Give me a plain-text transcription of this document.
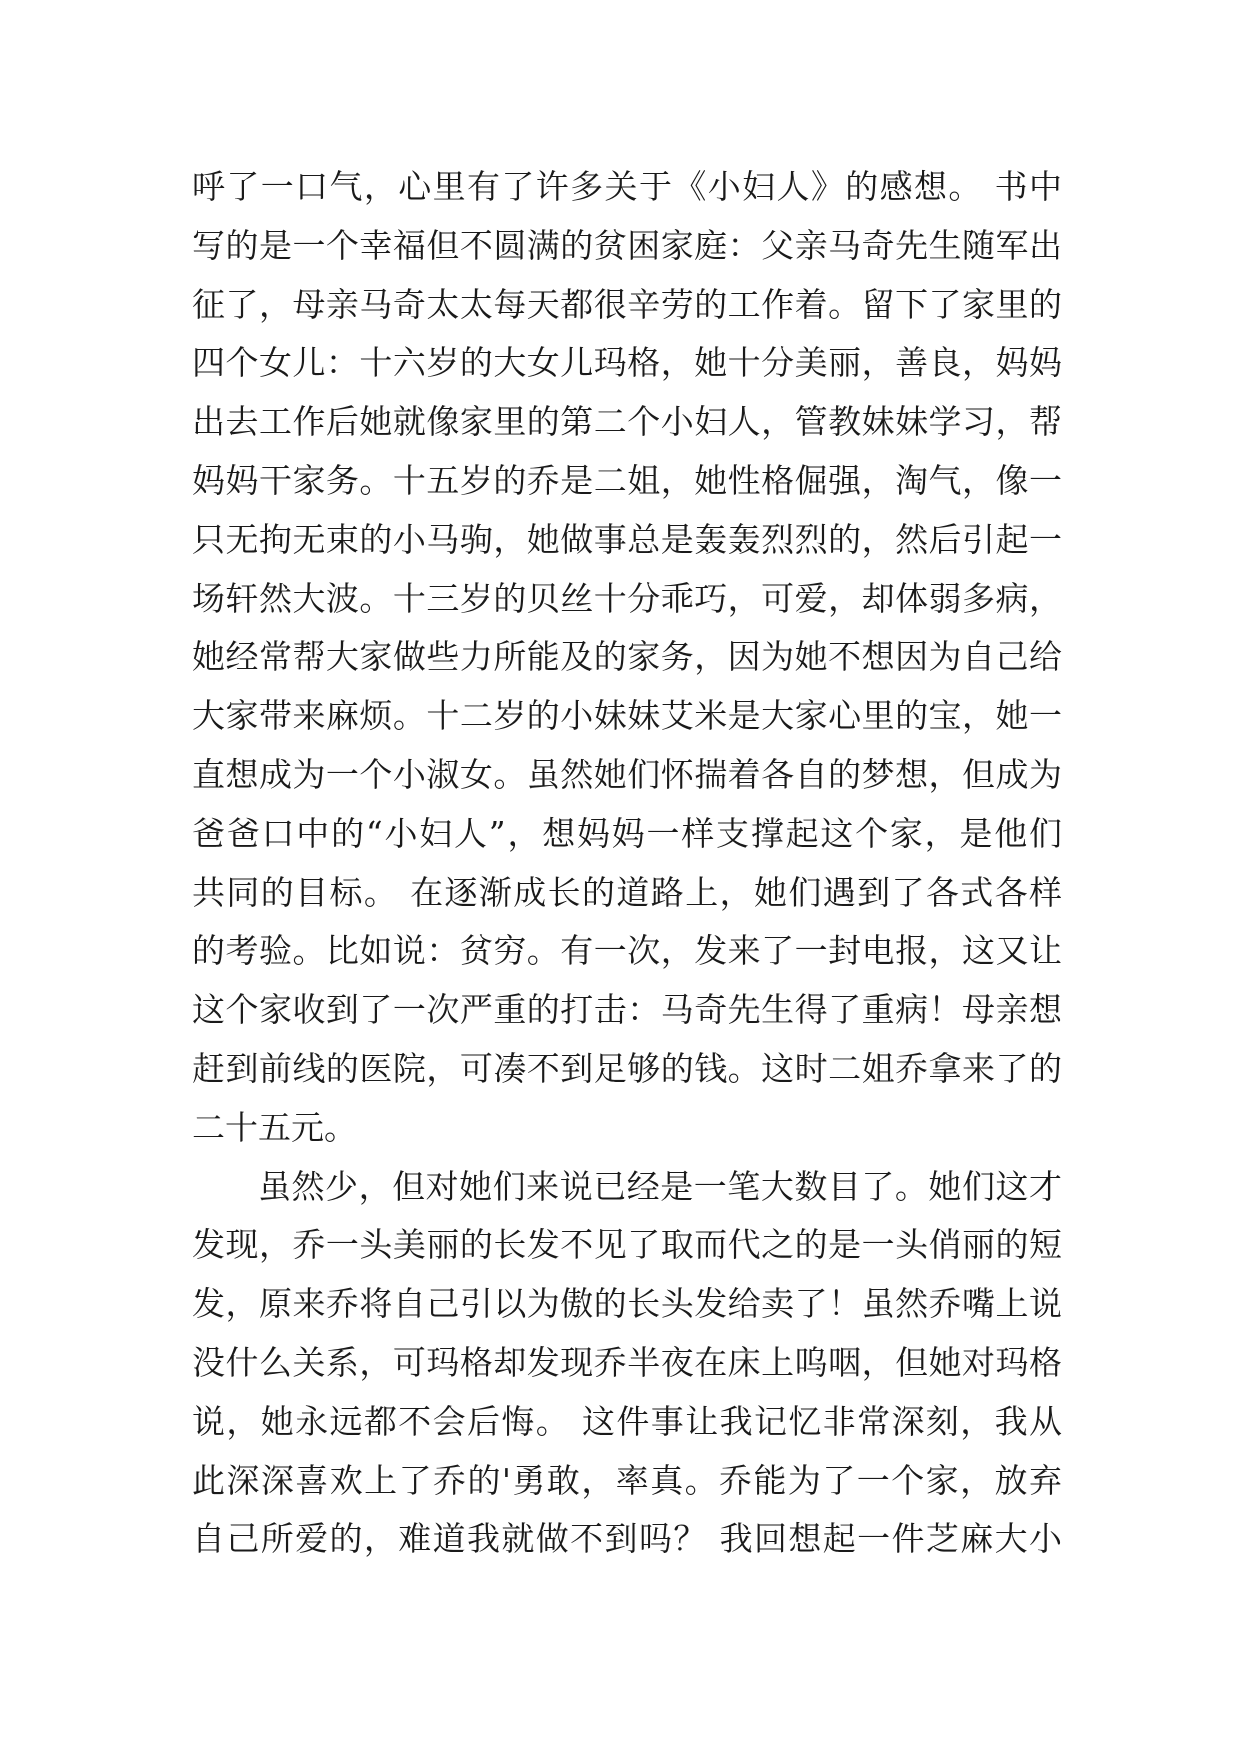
呼了一口气，心里有了许多关于《小妇人》的感想。 书中
写的是一个幸福但不圆满的贫困家庭：父亲马奇先生随军出
征了，母亲马奇太太每天都很辛劳的工作着。留下了家里的
四个女儿：十六岁的大女儿玛格，她十分美丽，善良，妈妈
出去工作后她就像家里的第二个小妇人，管教妹妹学习，帮
妈妈干家务。十五岁的乔是二姐，她性格倔强，淘气，像一
只无拘无束的小马驹，她做事总是轰轰烈烈的，然后引起一
场轩然大波。十三岁的贝丝十分乖巧，可爱，却体弱多病，
她经常帮大家做些力所能及的家务，因为她不想因为自己给
大家带来麻烦。十二岁的小妹妹艾米是大家心里的宝，她一
直想成为一个小淑女。虽然她们怀揣着各自的梦想，但成为
爸爸口中的“小妇人”，想妈妈一样支撑起这个家，是他们
共同的目标。 在逐渐成长的道路上，她们遇到了各式各样
的考验。比如说：贫穷。有一次，发来了一封电报，这又让
这个家收到了一次严重的打击：马奇先生得了重病！母亲想
赶到前线的医院，可凑不到足够的钱。这时二姐乔拿来了的
二十五元。
虽然少，但对她们来说已经是一笔大数目了。她们这才
发现，乔一头美丽的长发不见了取而代之的是一头俏丽的短
发，原来乔将自己引以为傲的长头发给卖了！虽然乔嘴上说
没什么关系，可玛格却发现乔半夜在床上呜咽，但她对玛格
说，她永远都不会后悔。 这件事让我记忆非常深刻，我从
此深深喜欢上了乔的'勇敢，率真。乔能为了一个家，放弃
自己所爱的，难道我就做不到吗？ 我回想起一件芝麻大小
